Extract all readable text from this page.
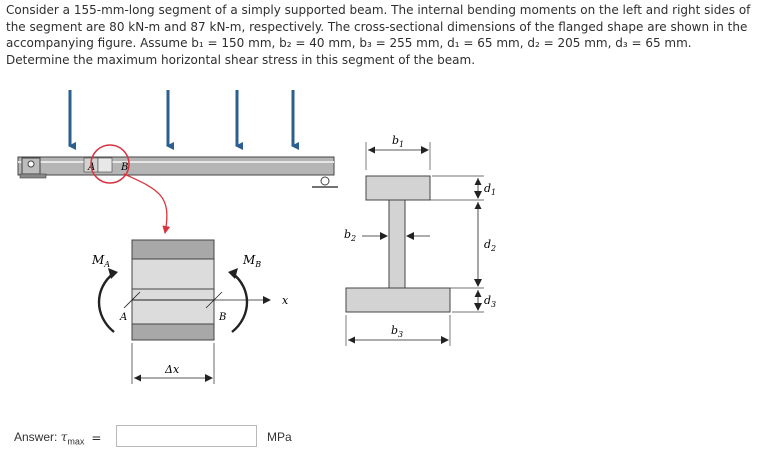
Consider a 155-mm-long segment of a simply supported beam. The internal bending moments on the left and right sides of the segment are 80 kN-m and 87 kN-m, respectively. The cross-sectional dimensions of the flanged shape are shown in the accompanying figure. Assume b₁ = 150 mm, b₂ = 40 mm, b₃ = 255 mm, d₁ = 65 mm, d₂ = 205 mm, d₃ = 65 mm. Determine the maximum horizontal shear stress in this segment of the beam.
A	B
x
A	B
$M_A$	$M_B$
Δx
$b_1$
$b_2$
$b_3$
$d_1$
$d_2$
$d_3$
Answer: $\tau_{max}$ =	MPa
